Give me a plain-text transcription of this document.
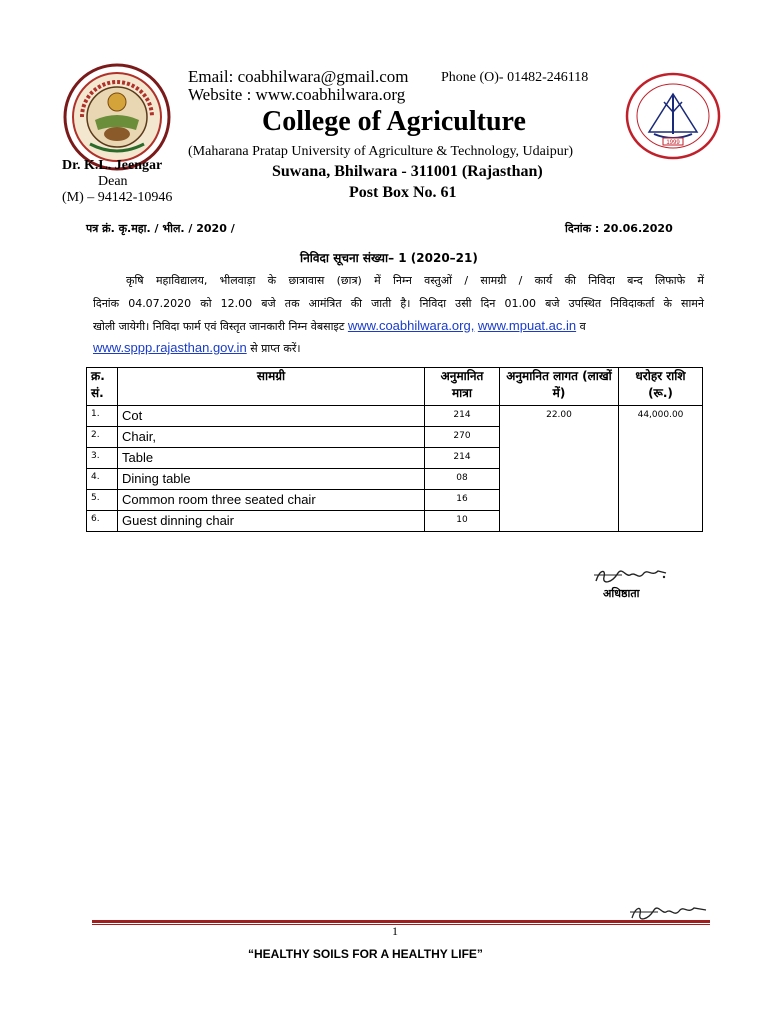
1999
Email: coabhilwara@gmail.com Phone (O)- 01482-246118
Website : www.coabhilwara.org
College of Agriculture
(Maharana Pratap University of Agriculture & Technology, Udaipur)
Suwana, Bhilwara - 311001 (Rajasthan)
Post Box No. 61
Dr. K.L. Jeengar
Dean
(M) – 94142-10946
पत्र क्रं. कृ.महा. / भील. / 2020 /	दिनांक : 20.06.2020
निविदा सूचना संख्या– 1 (2020–21)
कृषि महाविद्यालय, भीलवाड़ा के छात्रावास (छात्र) में निम्न वस्तुओं / सामग्री / कार्य की निविदा बन्द लिफाफे में
दिनांक 04.07.2020 को 12.00 बजे तक आमंत्रित की जाती है। निविदा उसी दिन 01.00 बजे उपस्थित निविदाकर्ता के सामने
खोली जायेगी। निविदा फार्म एवं विस्तृत जानकारी निम्न वेबसाइट www.coabhilwara.org, www.mpuat.ac.in व
www.sppp.rajasthan.gov.in से प्राप्त करें।
क्र. सं.	सामग्री	अनुमानित मात्रा	अनुमानित लागत (लाखों में)	धरोहर राशि (रू.)
1.	Cot	214	22.00	44,000.00
2.	Chair,	270		
3.	Table	214		
4.	Dining table	08		
5.	Common room three seated chair	16		
6.	Guest dinning chair	10		
अधिष्ठाता
1
“HEALTHY SOILS FOR A HEALTHY LIFE”
